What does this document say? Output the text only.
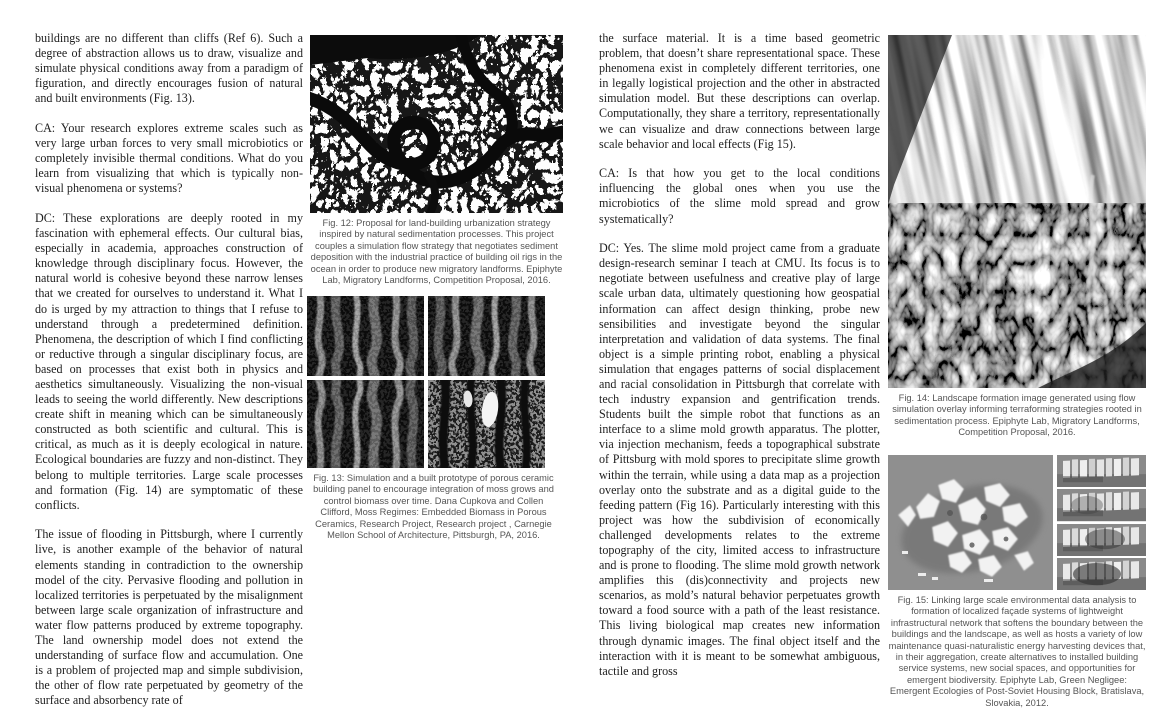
buildings are no different than cliffs (Ref 6). Such a degree of abstraction allows us to draw, visualize and simulate physical conditions away from a paradigm of figuration, and directly encourages fusion of natural and built environments (Fig. 13).

CA: Your research explores extreme scales such as very large urban forces to very small microbiotics or completely invisible thermal conditions. What do you learn from visualizing that which is typically non-visual phenomena or systems?

DC: These explorations are deeply rooted in my fascination with ephemeral effects. Our cultural bias, especially in academia, approaches construction of knowledge through disciplinary focus. However, the natural world is cohesive beyond these narrow lenses that we created for ourselves to understand it. What I do is urged by my attraction to things that I refuse to understand through a predetermined definition. Phenomena, the description of which I find conflicting or reductive through a singular disciplinary focus, are based on processes that exist both in physics and aesthetics simultaneously. Visualizing the non-visual leads to seeing the world differently. New descriptions create shift in meaning which can be simultaneously constructed as both scientific and cultural. This is critical, as much as it is deeply ecological in nature. Ecological boundaries are fuzzy and non-distinct. They belong to multiple territories. Large scale processes and formation (Fig. 14) are symptomatic of these conflicts.

The issue of flooding in Pittsburgh, where I currently live, is another example of the behavior of natural elements standing in contradiction to the ownership model of the city. Pervasive flooding and pollution in localized territories is perpetuated by the misalignment between large scale organization of infrastructure and water flow patterns produced by extreme topography. The land ownership model does not extend the understanding of surface flow and accumulation. One is a problem of projected map and simple subdivision, the other of flow rate perpetuated by geometry of the surface and absorbency rate of

Fig. 12: Proposal for land-building urbanization strategy inspired by natural sedimentation processes. This project couples a simulation flow strategy that negotiates sediment deposition with the industrial practice of building oil rigs in the ocean in order to produce new migratory landforms. Epiphyte Lab, Migratory Landforms, Competition Proposal, 2016.
Fig. 13: Simulation and a built prototype of porous ceramic building panel to encourage integration of moss grows and control biomass over time. Dana Cupkova and Collen Clifford, Moss Regimes: Embedded Biomass in Porous Ceramics, Research Project, Research project , Carnegie Mellon School of Architecture, Pittsburgh, PA, 2016.

the surface material. It is a time based geometric problem, that doesn’t share representational space. These phenomena exist in completely different territories, one in legally logistical projection and the other in abstracted simulation model. But these descriptions can overlap. Computationally, they share a territory, representationally we can visualize and draw connections between large scale behavior and local effects (Fig 15).

CA: Is that how you get to the local conditions influencing the global ones when you use the microbiotics of the slime mold spread and grow systematically?

DC: Yes. The slime mold project came from a graduate design-research seminar I teach at CMU. Its focus is to negotiate between usefulness and creative play of large scale urban data, ultimately questioning how geospatial information can affect design thinking, probe new sensibilities and investigate beyond the singular interpretation and validation of data systems. The final object is a simple printing robot, enabling a physical simulation that engages patterns of social displacement and racial consolidation in Pittsburgh that correlate with tech industry expansion and gentrification trends. Students built the simple robot that functions as an interface to a slime mold growth apparatus. The plotter, via injection mechanism, feeds a topographical substrate of Pittsburg with mold spores to precipitate slime growth within the terrain, while using a data map as a projection overlay onto the substrate and as a digital guide to the feeding pattern (Fig 16). Particularly interesting with this project was how the subdivision of economically challenged developments relates to the extreme topography of the city, limited access to infrastructure and is prone to flooding. The slime mold growth network amplifies this (dis)connectivity and projects new scenarios, as mold’s natural behavior perpetuates growth toward a food source with a path of the least resistance. This living biological map creates new information through dynamic images. The final object itself and the interaction with it is meant to be somewhat ambiguous, tactile and gross

Fig. 14: Landscape formation image generated using flow simulation overlay informing terraforming strategies rooted in sedimentation process. Epiphyte Lab, Migratory Landforms, Competition Proposal, 2016.
Fig. 15: Linking large scale environmental data analysis to formation of localized façade systems of lightweight infrastructural network that softens the boundary between the buildings and the landscape, as well as hosts a variety of low maintenance quasi-naturalistic energy harvesting devices that, in their aggregation, create alternatives to installed building service systems, new social spaces, and opportunities for emergent biodiversity. Epiphyte Lab, Green Negligee: Emergent Ecologies of Post-Soviet Housing Block, Bratislava, Slovakia, 2012.
